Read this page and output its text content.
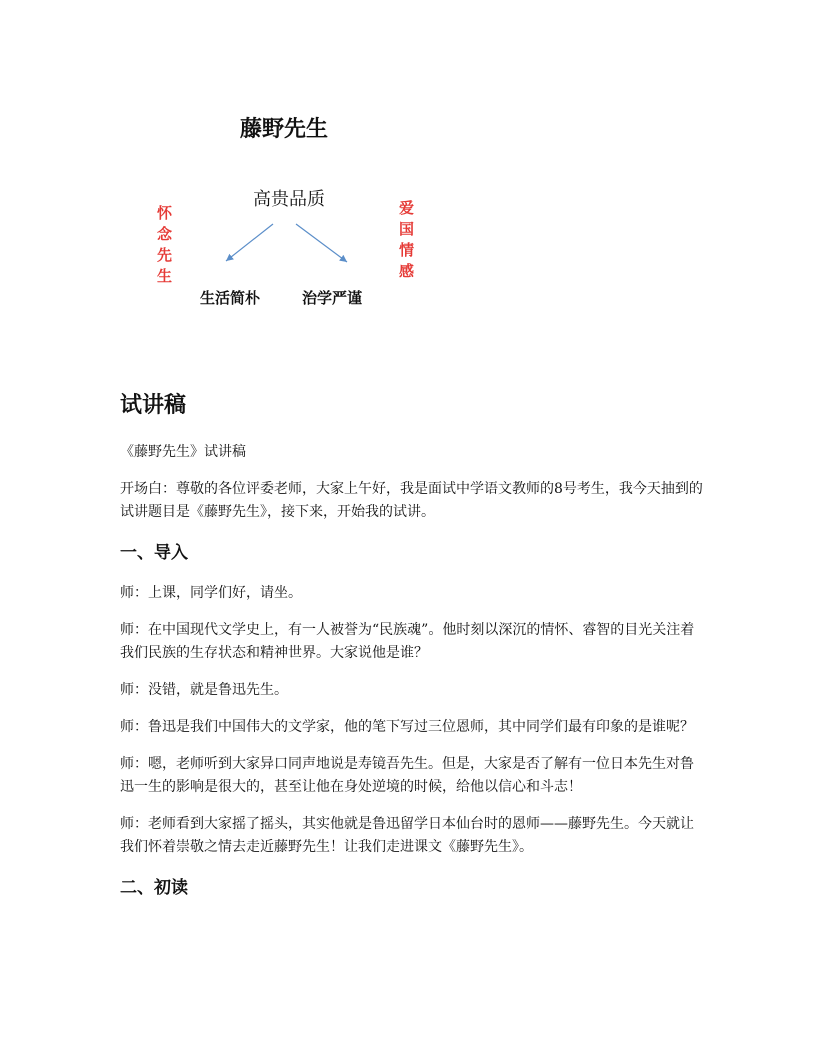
藤野先生
高贵品质
怀念先生
爱国情感
生活简朴	治学严谨
试讲稿
《藤野先生》试讲稿
开场白：尊敬的各位评委老师，大家上午好，我是面试中学语文教师的8号考生，我今天抽到的试讲题目是《藤野先生》，接下来，开始我的试讲。
一、导入
师：上课，同学们好，请坐。
师：在中国现代文学史上，有一人被誉为“民族魂”。他时刻以深沉的情怀、睿智的目光关注着我们民族的生存状态和精神世界。大家说他是谁？
师：没错，就是鲁迅先生。
师：鲁迅是我们中国伟大的文学家，他的笔下写过三位恩师，其中同学们最有印象的是谁呢？
师：嗯，老师听到大家异口同声地说是寿镜吾先生。但是，大家是否了解有一位日本先生对鲁迅一生的影响是很大的，甚至让他在身处逆境的时候，给他以信心和斗志！
师：老师看到大家摇了摇头，其实他就是鲁迅留学日本仙台时的恩师——藤野先生。今天就让我们怀着崇敬之情去走近藤野先生！让我们走进课文《藤野先生》。
二、初读
